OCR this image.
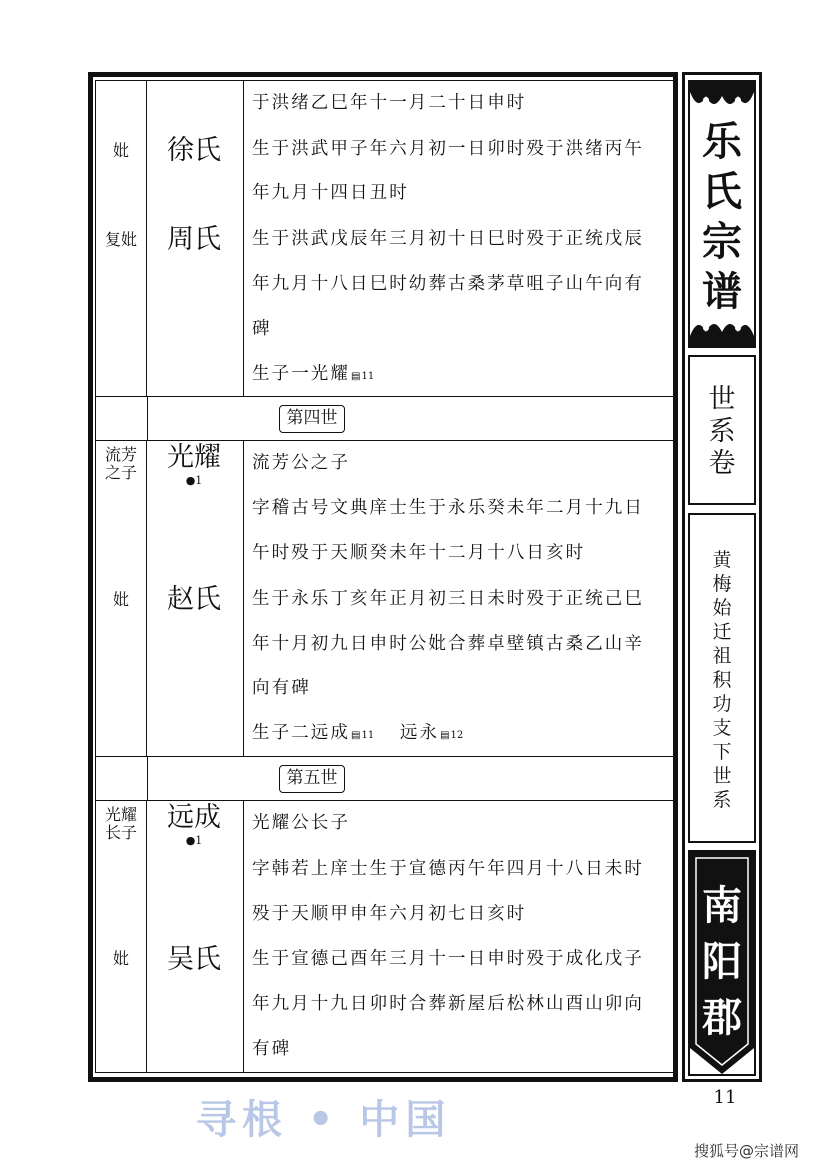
妣
复妣
徐氏
周氏
于洪绪乙巳年十一月二十日申时
生于洪武甲子年六月初一日卯时殁于洪绪丙午
年九月十四日丑时
生于洪武戊辰年三月初十日巳时殁于正统戊辰
年九月十八日巳时幼葬古桑茅草咀子山午向有
碑
生子一光耀▤11
第四世
流芳
之子
妣
光耀
●1
赵氏
流芳公之子
字稽古号文典庠士生于永乐癸未年二月十九日
午时殁于天顺癸未年十二月十八日亥时
生于永乐丁亥年正月初三日未时殁于正统己巳
年十月初九日申时公妣合葬卓壁镇古桑乙山辛
向有碑
生子二远成▤11 远永▤12
第五世
光耀
长子
妣
远成
●1
吴氏
光耀公长子
字韩若上庠士生于宣德丙午年四月十八日未时
殁于天顺甲申年六月初七日亥时
生于宣德己酉年三月十一日申时殁于成化戊子
年九月十九日卯时合葬新屋后松林山酉山卯向
有碑
乐
氏
宗
谱
世
系
卷
黄
梅
始
迁
祖
积
功
支
下
世
系
南
阳
郡
11
寻根 • 中国
搜狐号@宗谱网
